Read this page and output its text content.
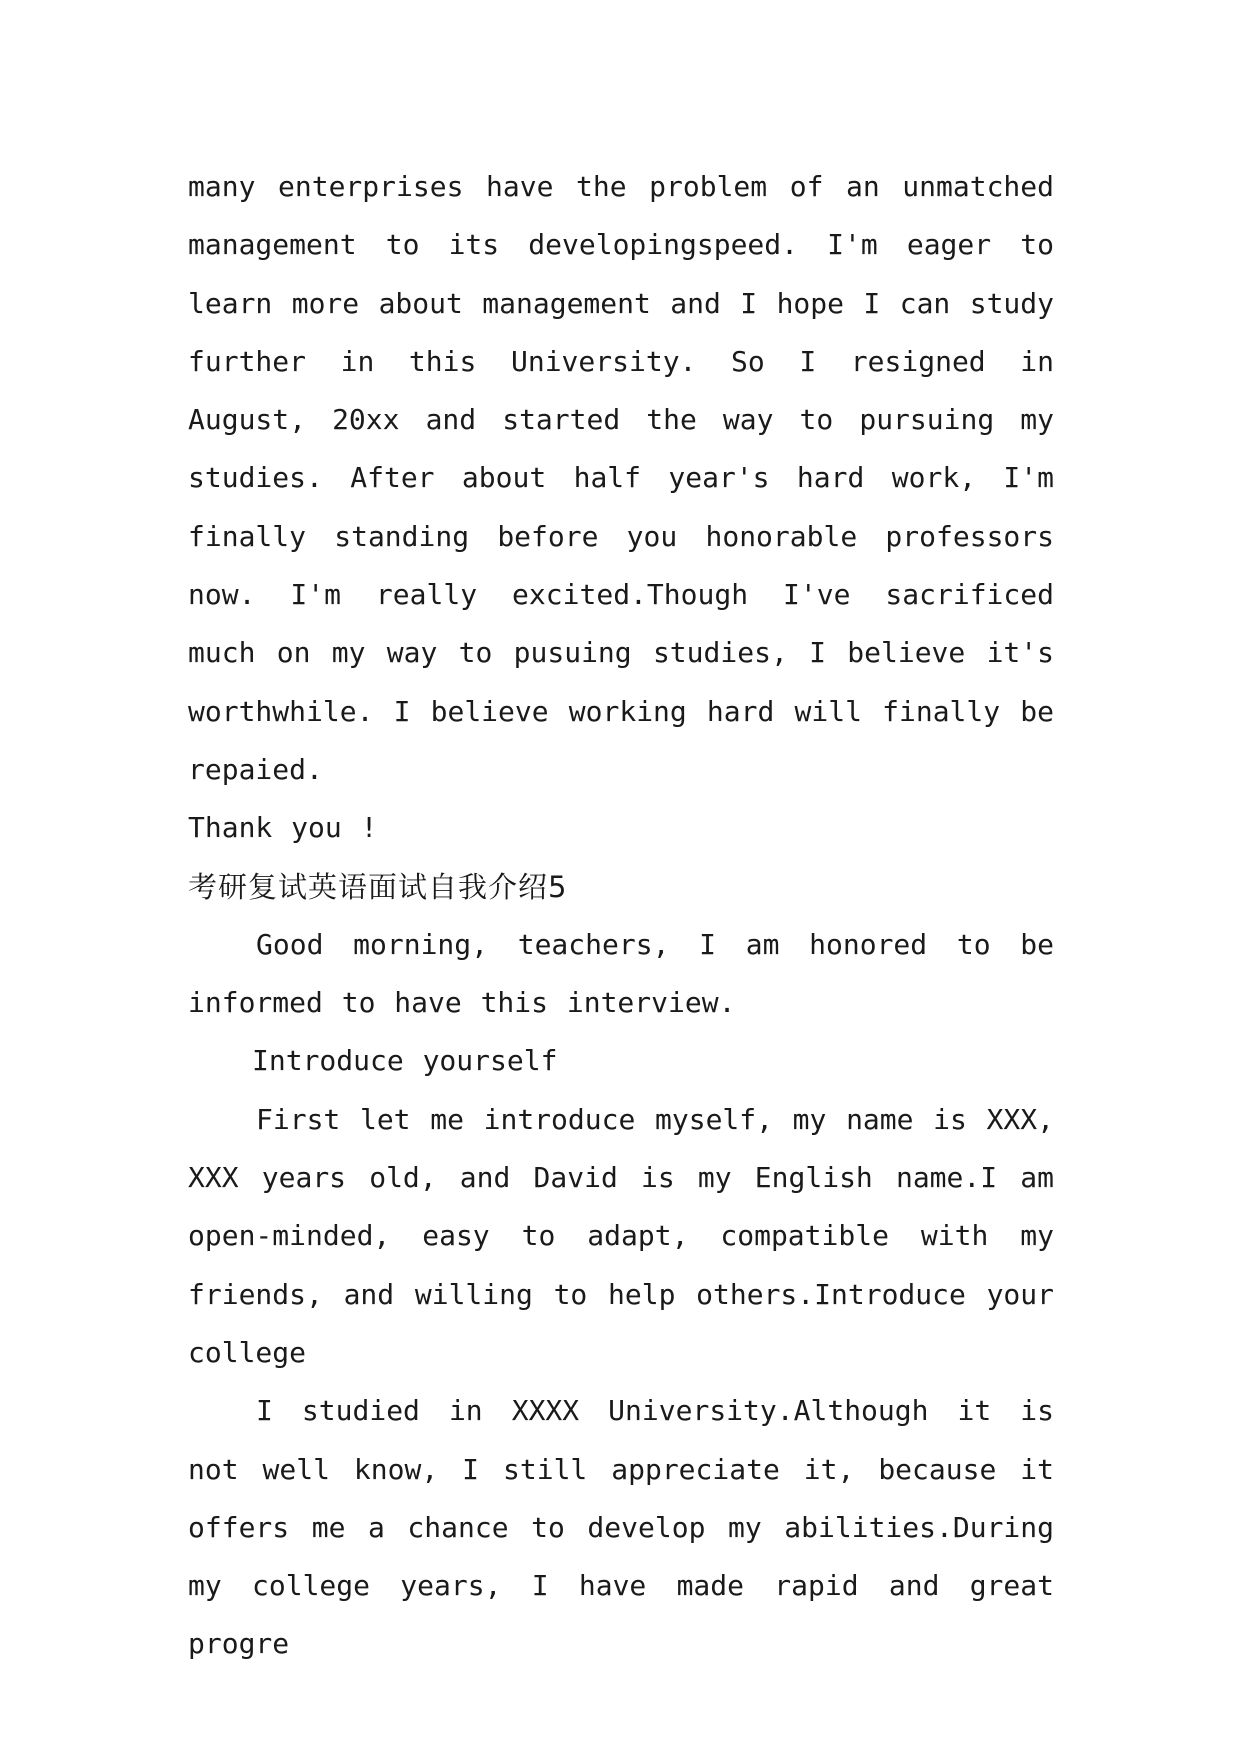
many enterprises have the problem of an unmatched management to its developingspeed. I'm eager to learn more about management and I hope I can study further in this University. So I resigned in August, 20xx and started the way to pursuing my studies. After about half year's hard work, I'm finally standing before you honorable professors now. I'm really excited.Though I've sacrificed much on my way to pusuing studies, I believe it's worthwhile. I believe working hard will finally be repaied.

Thank you !

考研复试英语面试自我介绍5

Good morning, teachers, I am honored to be informed to have this interview.

Introduce yourself

First let me introduce myself, my name is XXX, XXX years old, and David is my English name.I am open-minded, easy to adapt, compatible with my friends, and willing to help others.Introduce your college

I studied in XXXX University.Although it is not well know, I still appreciate it, because it offers me a chance to develop my abilities.During my college years, I have made rapid and great progre
